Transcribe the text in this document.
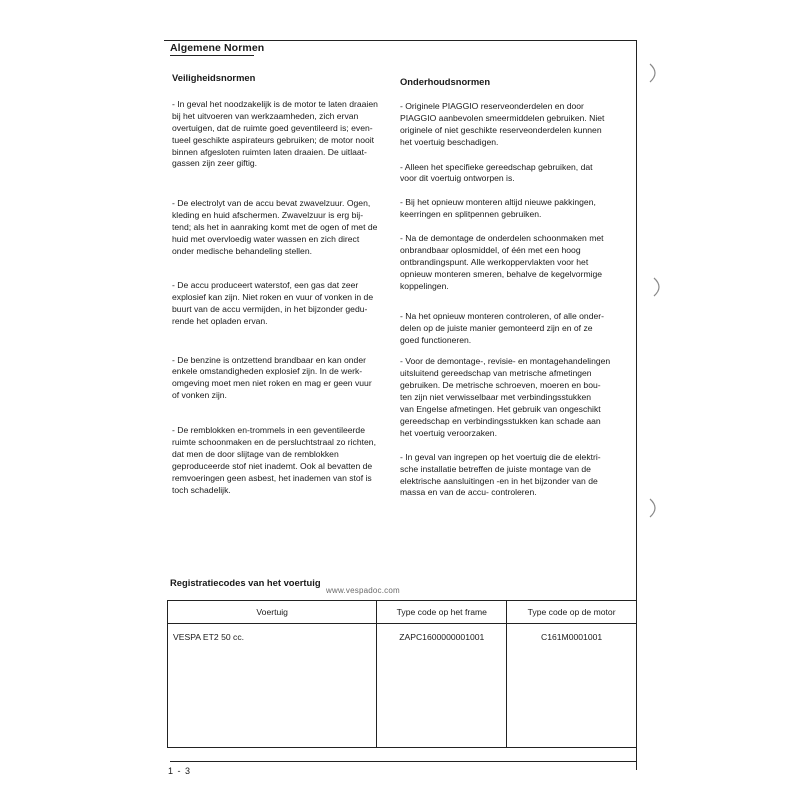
Algemene Normen
Veiligheidsnormen

- In geval het noodzakelijk is de motor te laten draaien

bij het uitvoeren van werkzaamheden, zich ervan

overtuigen, dat de ruimte goed geventileerd is; even-

tueel geschikte aspirateurs gebruiken; de motor nooit

binnen afgesloten ruimten laten draaien. De uitlaat-

gassen zijn zeer giftig.

- De electrolyt van de accu bevat zwavelzuur. Ogen,

kleding en huid afschermen. Zwavelzuur is erg bij-

tend; als het in aanraking komt met de ogen of met de

huid met overvloedig water wassen en zich direct

onder medische behandeling stellen.

- De accu produceert waterstof, een gas dat zeer

explosief kan zijn. Niet roken en vuur of vonken in de

buurt van de accu vermijden, in het bijzonder gedu-

rende het opladen ervan.

- De benzine is ontzettend brandbaar en kan onder

enkele omstandigheden explosief zijn. In de werk-

omgeving moet men niet roken en mag er geen vuur

of vonken zijn.

- De remblokken en-trommels in een geventileerde

ruimte schoonmaken en de persluchtstraal zo richten,

dat men de door slijtage van de remblokken

geproduceerde stof niet inademt. Ook al bevatten de

remvoeringen geen asbest, het inademen van stof is

toch schadelijk.

Onderhoudsnormen

- Originele PIAGGIO reserveonderdelen en door

PIAGGIO aanbevolen smeermiddelen gebruiken. Niet

originele of niet geschikte reserveonderdelen kunnen

het voertuig beschadigen.

- Alleen het specifieke gereedschap gebruiken, dat

voor dit voertuig ontworpen is.

- Bij het opnieuw monteren altijd nieuwe pakkingen,

keerringen en splitpennen gebruiken.

- Na de demontage de onderdelen schoonmaken met

onbrandbaar oplosmiddel, of één met een hoog

ontbrandingspunt. Alle werkoppervlakten voor het

opnieuw monteren smeren, behalve de kegelvormige

koppelingen.

- Na het opnieuw monteren controleren, of alle onder-

delen op de juiste manier gemonteerd zijn en of ze

goed functioneren.

- Voor de demontage-, revisie- en montagehandelingen

uitsluitend gereedschap van metrische afmetingen

gebruiken. De metrische schroeven, moeren en bou-

ten zijn niet verwisselbaar met verbindingsstukken

van Engelse afmetingen. Het gebruik van ongeschikt

gereedschap en verbindingsstukken kan schade aan

het voertuig veroorzaken.

- In geval van ingrepen op het voertuig die de elektri-

sche installatie betreffen de juiste montage van de

elektrische aansluitingen -en in het bijzonder van de

massa en van de accu- controleren.

www.vespadoc.com
Registratiecodes van het voertuig
Voertuig	Type code op het frame	Type code op de motor
VESPA ET2 50 cc.	ZAPC1600000001001	C161M0001001
1 - 3
